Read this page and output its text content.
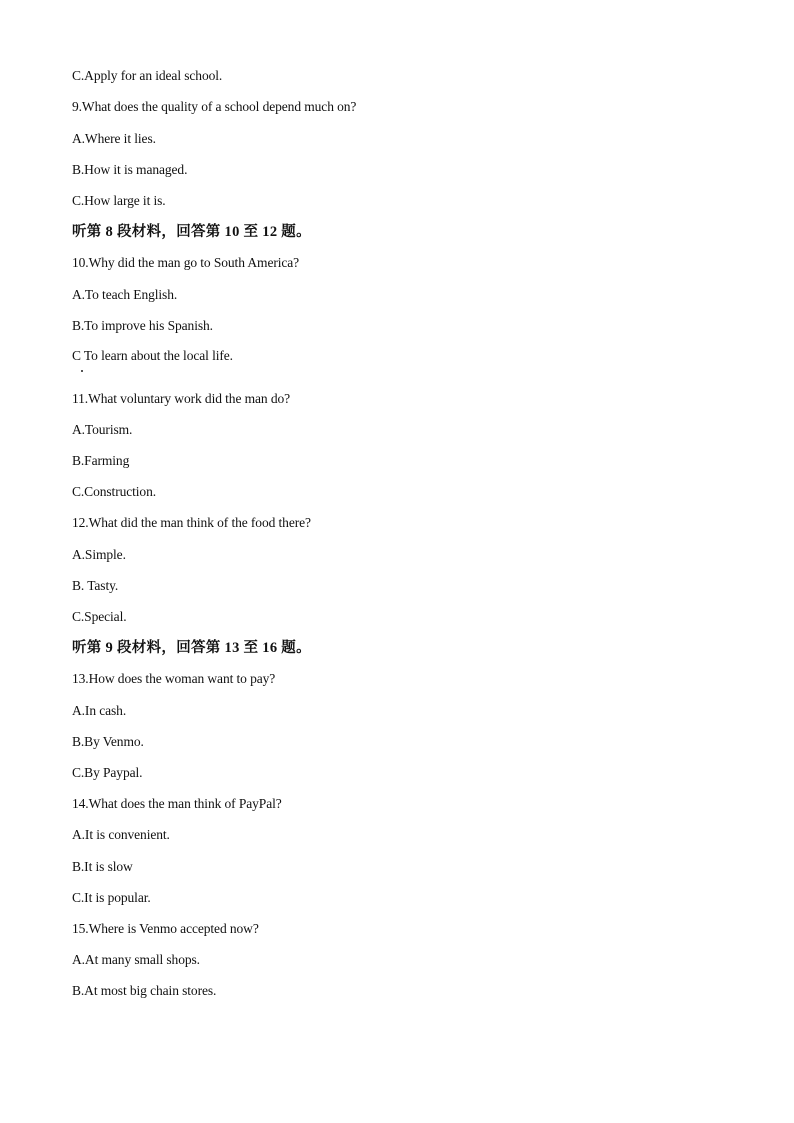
C.Apply for an ideal school.
9.What does the quality of a school depend much on?
A.Where it lies.
B.How it is managed.
C.How large it is.
听第 8 段材料，回答第 10 至 12 题。
10.Why did the man go to South America?
A.To teach English.
B.To improve his Spanish.
C To learn about the local life.
11.What voluntary work did the man do?
A.Tourism.
B.Farming
C.Construction.
12.What did the man think of the food there?
A.Simple.
B. Tasty.
C.Special.
听第 9 段材料，回答第 13 至 16 题。
13.How does the woman want to pay?
A.In cash.
B.By Venmo.
C.By Paypal.
14.What does the man think of PayPal?
A.It is convenient.
B.It is slow
C.It is popular.
15.Where is Venmo accepted now?
A.At many small shops.
B.At most big chain stores.
